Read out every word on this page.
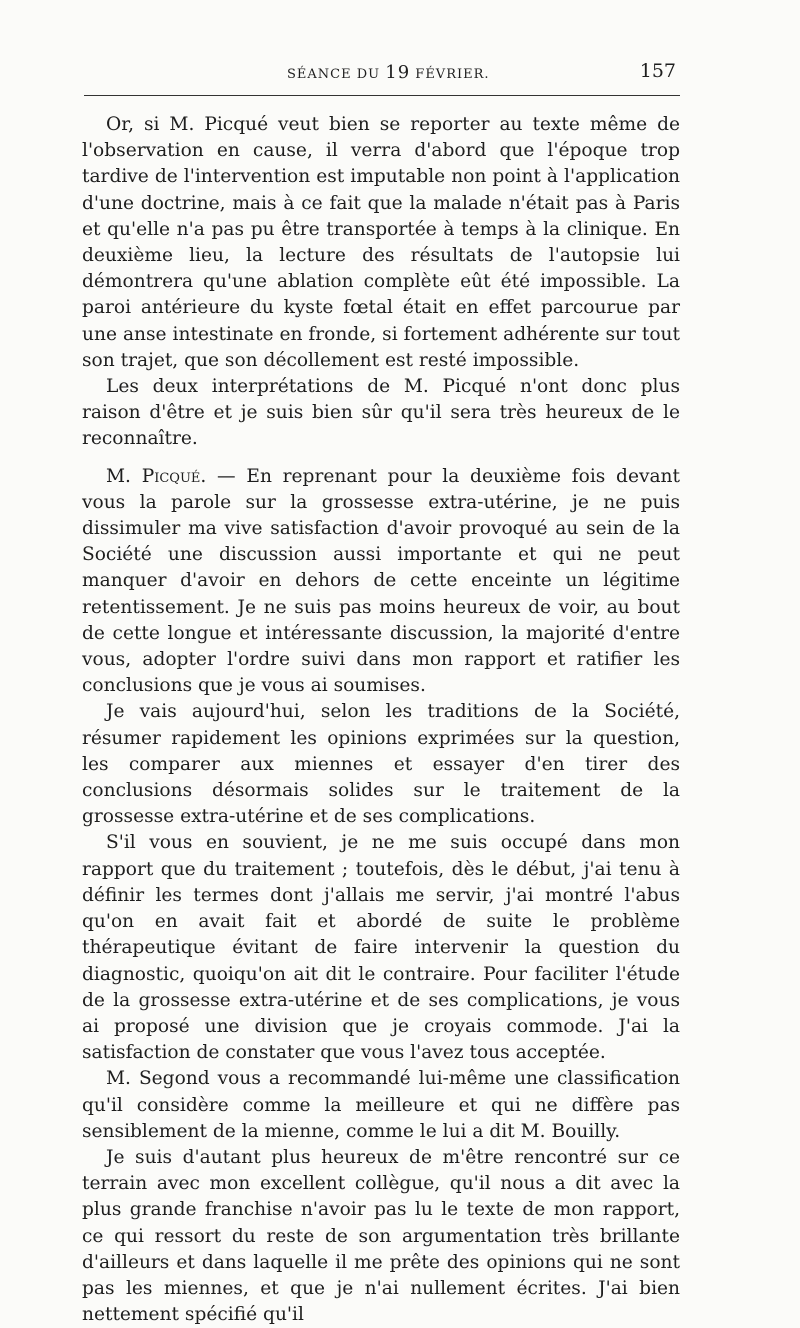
SÉANCE DU 19 FÉVRIER.	157

Or, si M. Picqué veut bien se reporter au texte même de l'observation en cause, il verra d'abord que l'époque trop tardive de l'intervention est imputable non point à l'application d'une doctrine, mais à ce fait que la malade n'était pas à Paris et qu'elle n'a pas pu être transportée à temps à la clinique. En deuxième lieu, la lecture des résultats de l'autopsie lui démontrera qu'une ablation complète eût été impossible. La paroi antérieure du kyste fœtal était en effet parcourue par une anse intestinate en fronde, si fortement adhérente sur tout son trajet, que son décollement est resté impossible.

Les deux interprétations de M. Picqué n'ont donc plus raison d'être et je suis bien sûr qu'il sera très heureux de le reconnaître.

M. Picqué. — En reprenant pour la deuxième fois devant vous la parole sur la grossesse extra-utérine, je ne puis dissimuler ma vive satisfaction d'avoir provoqué au sein de la Société une discussion aussi importante et qui ne peut manquer d'avoir en dehors de cette enceinte un légitime retentissement. Je ne suis pas moins heureux de voir, au bout de cette longue et intéressante discussion, la majorité d'entre vous, adopter l'ordre suivi dans mon rapport et ratifier les conclusions que je vous ai soumises.

Je vais aujourd'hui, selon les traditions de la Société, résumer rapidement les opinions exprimées sur la question, les comparer aux miennes et essayer d'en tirer des conclusions désormais solides sur le traitement de la grossesse extra-utérine et de ses complications.

S'il vous en souvient, je ne me suis occupé dans mon rapport que du traitement ; toutefois, dès le début, j'ai tenu à définir les termes dont j'allais me servir, j'ai montré l'abus qu'on en avait fait et abordé de suite le problème thérapeutique évitant de faire intervenir la question du diagnostic, quoiqu'on ait dit le contraire. Pour faciliter l'étude de la grossesse extra-utérine et de ses complications, je vous ai proposé une division que je croyais commode. J'ai la satisfaction de constater que vous l'avez tous acceptée.

M. Segond vous a recommandé lui-même une classification qu'il considère comme la meilleure et qui ne diffère pas sensiblement de la mienne, comme le lui a dit M. Bouilly.

Je suis d'autant plus heureux de m'être rencontré sur ce terrain avec mon excellent collègue, qu'il nous a dit avec la plus grande franchise n'avoir pas lu le texte de mon rapport, ce qui ressort du reste de son argumentation très brillante d'ailleurs et dans laquelle il me prête des opinions qui ne sont pas les miennes, et que je n'ai nullement écrites. J'ai bien nettement spécifié qu'il
